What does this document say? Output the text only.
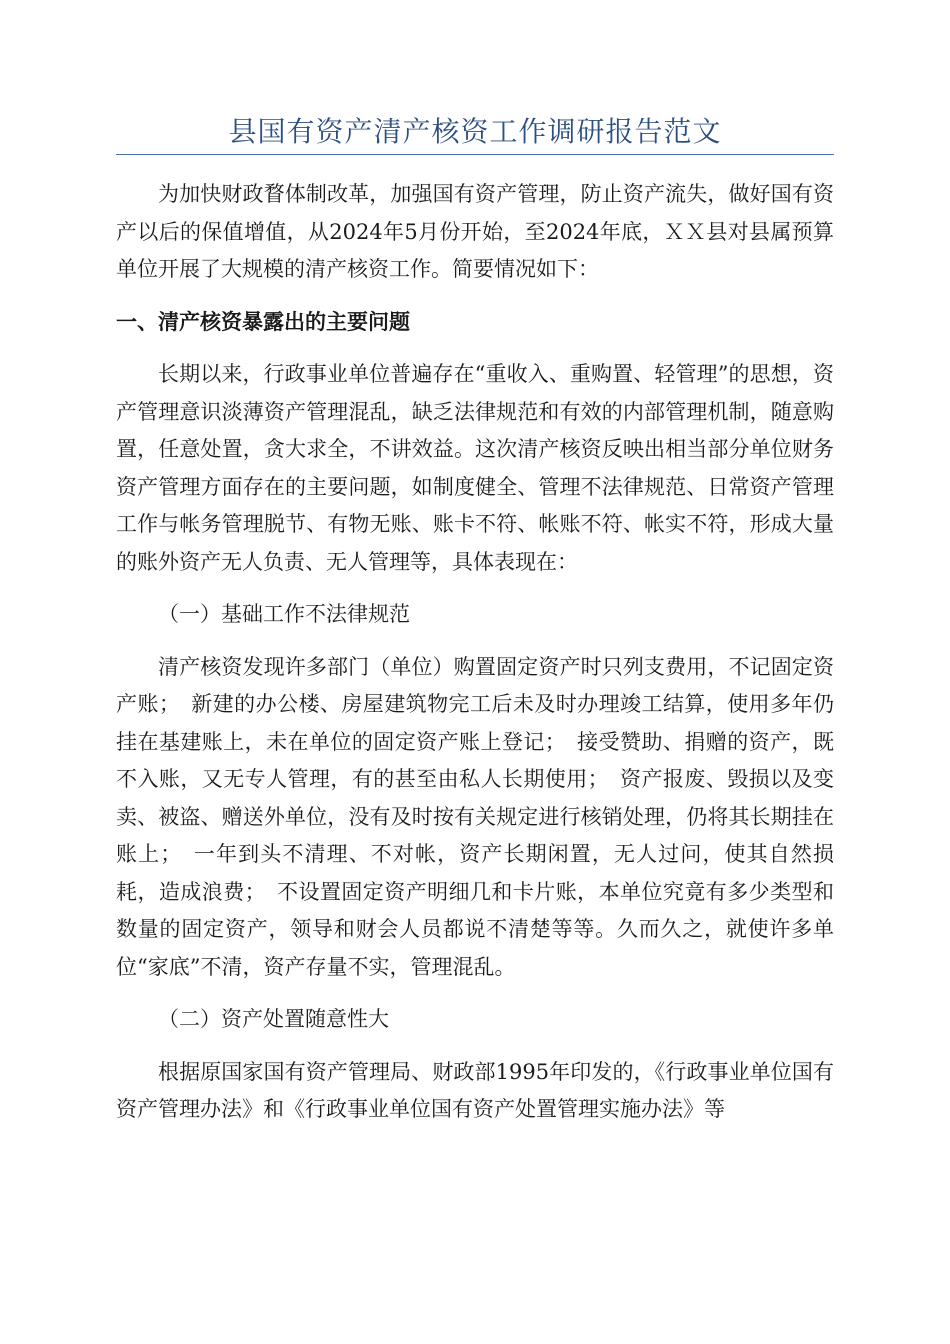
县国有资产清产核资工作调研报告范文

为加快财政瞀体制改革，加强国有资产管理，防止资产流失，做好国有资产以后的保值增值，从2024年5月份开始，至2024年底，ＸＸ县对县属预算单位开展了大规模的清产核资工作。简要情况如下：

一、清产核资暴露出的主要问题

长期以来，行政事业单位普遍存在“重收入、重购置、轻管理”的思想，资产管理意识淡薄资产管理混乱，缺乏法律规范和有效的内部管理机制，随意购置，任意处置，贪大求全，不讲效益。这次清产核资反映出相当部分单位财务资产管理方面存在的主要问题，如制度健全、管理不法律规范、日常资产管理工作与帐务管理脱节、有物无账、账卡不符、帐账不符、帐实不符，形成大量的账外资产无人负责、无人管理等，具体表现在：

（一）基础工作不法律规范

清产核资发现许多部门（单位）购置固定资产时只列支费用，不记固定资产账；　新建的办公楼、房屋建筑物完工后未及时办理竣工结算，使用多年仍挂在基建账上，未在单位的固定资产账上登记；　接受赞助、捐赠的资产，既不入账，又无专人管理，有的甚至由私人长期使用；　资产报废、毁损以及变卖、被盗、赠送外单位，没有及时按有关规定进行核销处理，仍将其长期挂在账上；　一年到头不清理、不对帐，资产长期闲置，无人过问，使其自然损耗，造成浪费；　不设置固定资产明细几和卡片账，本单位究竟有多少类型和数量的固定资产，领导和财会人员都说不清楚等等。久而久之，就使许多单位“家底”不清，资产存量不实，管理混乱。

（二）资产处置随意性大

根据原国家国有资产管理局、财政部1995年印发的，《行政事业单位国有资产管理办法》和《行政事业单位国有资产处置管理实施办法》等
